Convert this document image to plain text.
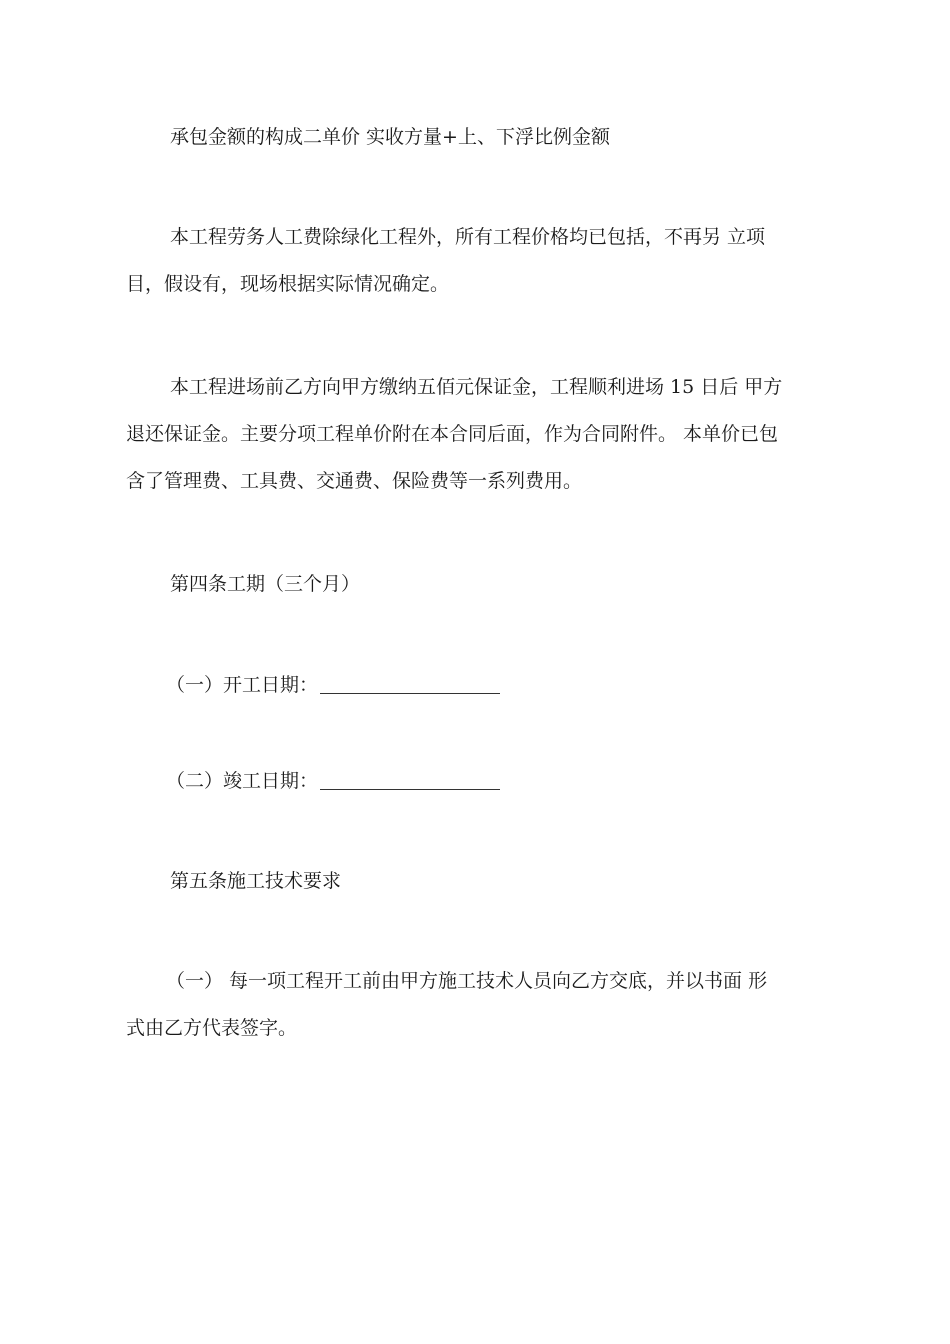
承包金额的构成二单价 实收方量+上、下浮比例金额

本工程劳务人工费除绿化工程外，所有工程价格均已包括，不再另 立项
目，假设有，现场根据实际情况确定。

本工程进场前乙方向甲方缴纳五佰元保证金，工程顺利进场 15 日后 甲方
退还保证金。主要分项工程单价附在本合同后面，作为合同附件。 本单价已包
含了管理费、工具费、交通费、保险费等一系列费用。

第四条工期（三个月）

（一）开工日期：

（二）竣工日期：

第五条施工技术要求

（一） 每一项工程开工前由甲方施工技术人员向乙方交底，并以书面 形
式由乙方代表签字。
